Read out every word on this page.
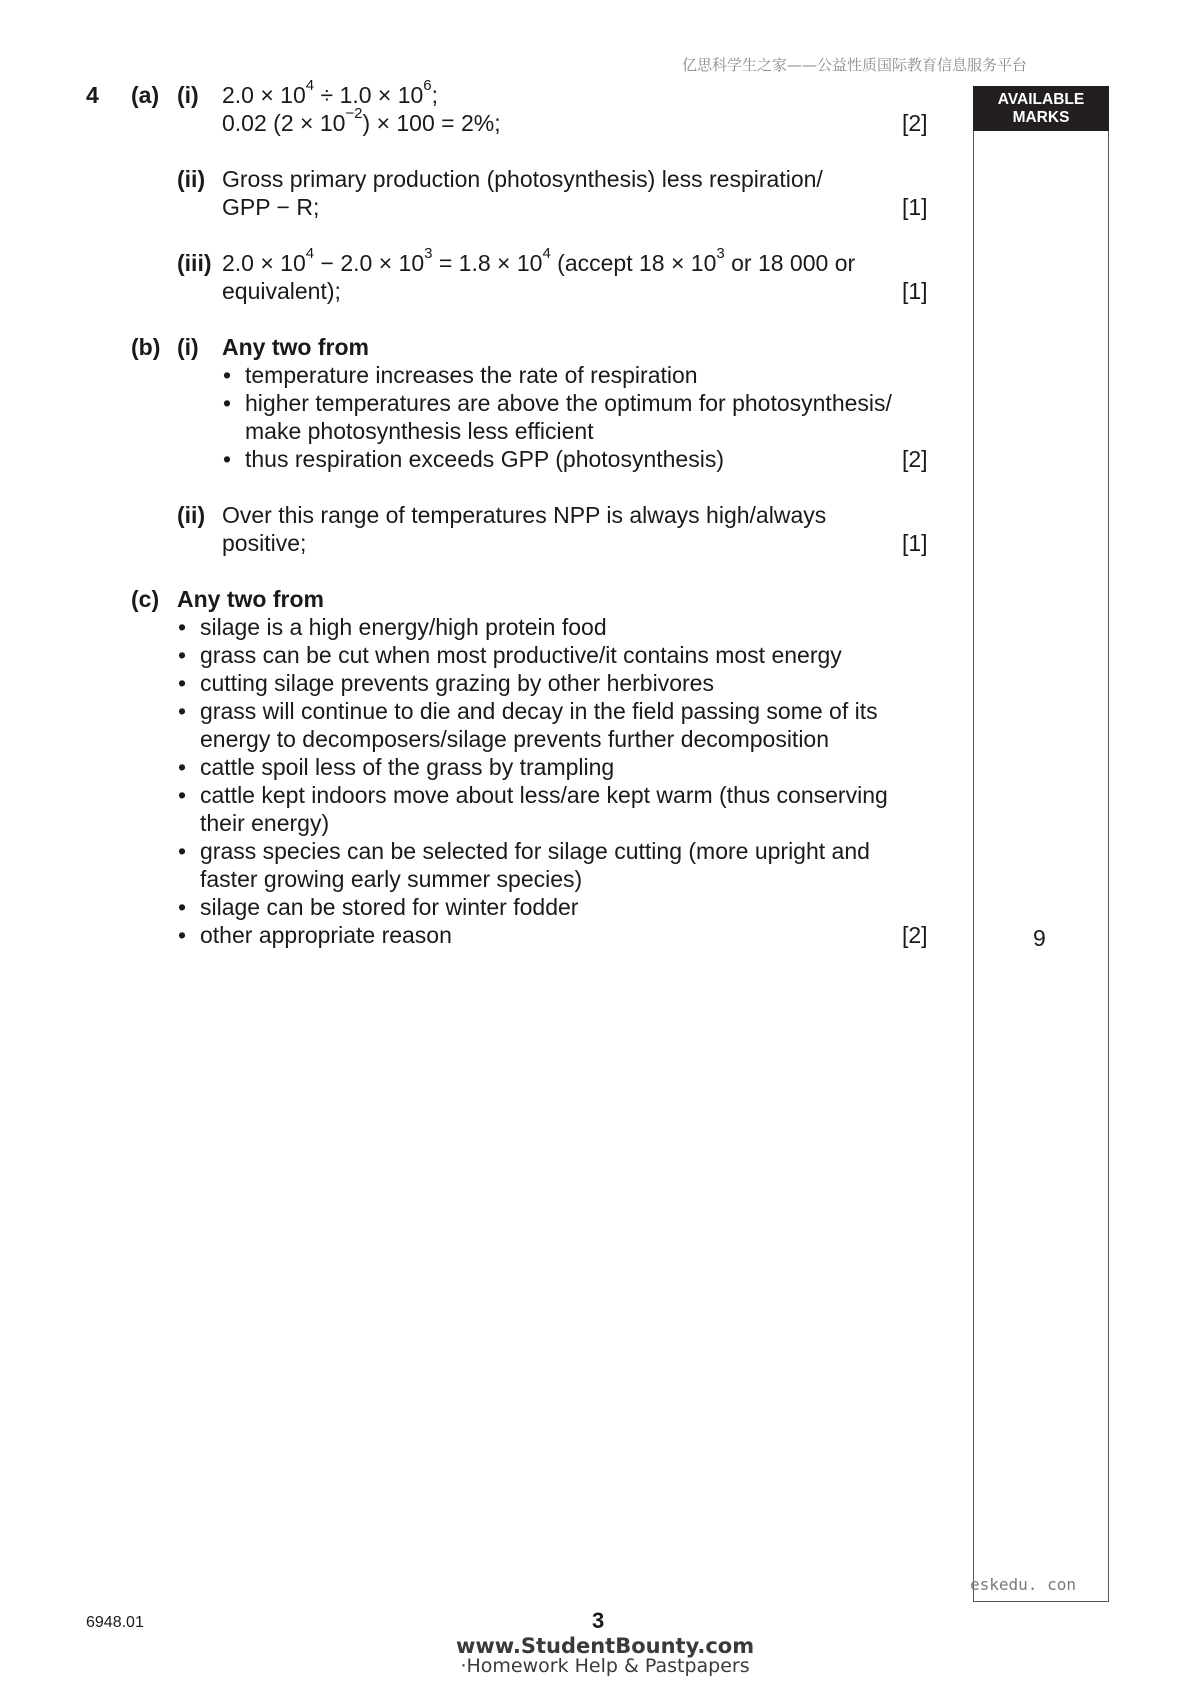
亿思科学生之家——公益性质国际教育信息服务平台
AVAILABLE
MARKS
4 (a) (i) $2.0 \times 10^4 \div 1.0 \times 10^6$;
0.02 $(2 \times 10^{-2}) \times 100 = 2\%$;	[2]
(ii) Gross primary production (photosynthesis) less respiration/
GPP − R;	[1]
(iii) $2.0 \times 10^4 - 2.0 \times 10^3 = 1.8 \times 10^4$ (accept $18 \times 10^3$ or 18 000 or
equivalent);	[1]
(b) (i) Any two from
• temperature increases the rate of respiration
• higher temperatures are above the optimum for photosynthesis/
make photosynthesis less efficient
• thus respiration exceeds GPP (photosynthesis)	[2]
(ii) Over this range of temperatures NPP is always high/always
positive;	[1]
(c) Any two from
• silage is a high energy/high protein food
• grass can be cut when most productive/it contains most energy
• cutting silage prevents grazing by other herbivores
• grass will continue to die and decay in the field passing some of its
energy to decomposers/silage prevents further decomposition
• cattle spoil less of the grass by trampling
• cattle kept indoors move about less/are kept warm (thus conserving
their energy)
• grass species can be selected for silage cutting (more upright and
faster growing early summer species)
• silage can be stored for winter fodder
• other appropriate reason	[2]	9
eskedu. con
6948.01	3
www.StudentBounty.com
·Homework Help & Pastpapers
